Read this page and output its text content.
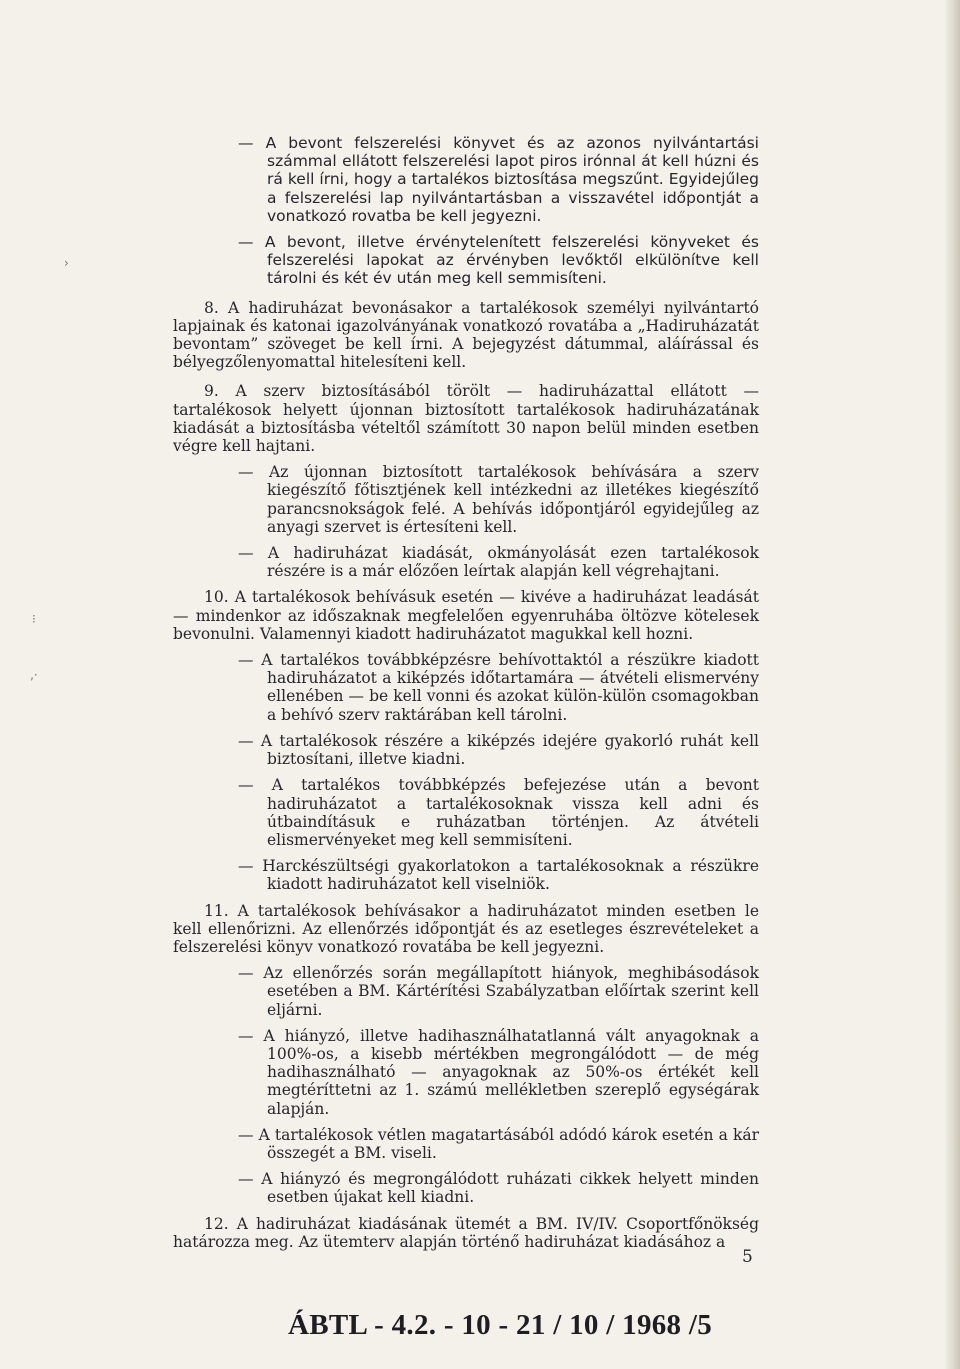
— A bevont felszerelési könyvet és az azonos nyilvántartási számmal ellátott felszerelési lapot piros irónnal át kell húzni és rá kell írni, hogy a tartalékos biztosítása megszűnt. Egyidejűleg a felszerelési lap nyilvántartásban a visszavétel időpontját a vonatkozó rovatba be kell jegyezni.

— A bevont, illetve érvénytelenített felszerelési könyveket és felszerelési lapokat az érvényben levőktől elkülönítve kell tárolni és két év után meg kell semmisíteni.

8. A hadiruházat bevonásakor a tartalékosok személyi nyilvántartó lapjainak és katonai igazolványának vonatkozó rovatába a „Hadiruházatát bevontam” szöveget be kell írni. A bejegyzést dátummal, aláírással és bélyegzőlenyomattal hitelesíteni kell.

9. A szerv biztosításából törölt — hadiruházattal ellátott — tartalékosok helyett újonnan biztosított tartalékosok hadiruházatának kiadását a biztosításba vételtől számított 30 napon belül minden esetben végre kell hajtani.

— Az újonnan biztosított tartalékosok behívására a szerv kiegészítő főtisztjének kell intézkedni az illetékes kiegészítő parancsnokságok felé. A behívás időpontjáról egyidejűleg az anyagi szervet is értesíteni kell.

— A hadiruházat kiadását, okmányolását ezen tartalékosok részére is a már előzően leírtak alapján kell végrehajtani.

10. A tartalékosok behívásuk esetén — kivéve a hadiruházat leadását — mindenkor az időszaknak megfelelően egyenruhába öltözve kötelesek bevonulni. Valamennyi kiadott hadiruházatot magukkal kell hozni.

— A tartalékos továbbképzésre behívottaktól a részükre kiadott hadiruházatot a kiképzés időtartamára — átvételi elismervény ellenében — be kell vonni és azokat külön-külön csomagokban a behívó szerv raktárában kell tárolni.

— A tartalékosok részére a kiképzés idejére gyakorló ruhát kell biztosítani, illetve kiadni.

— A tartalékos továbbképzés befejezése után a bevont hadiruházatot a tartalékosoknak vissza kell adni és útbaindításuk e ruházatban történjen. Az átvételi elismervényeket meg kell semmisíteni.

— Harckészültségi gyakorlatokon a tartalékosoknak a részükre kiadott hadiruházatot kell viselniök.

11. A tartalékosok behívásakor a hadiruházatot minden esetben le kell ellenőrizni. Az ellenőrzés időpontját és az esetleges észrevételeket a felszerelési könyv vonatkozó rovatába be kell jegyezni.

— Az ellenőrzés során megállapított hiányok, meghibásodások esetében a BM. Kártérítési Szabályzatban előírtak szerint kell eljárni.

— A hiányzó, illetve hadihasználhatatlanná vált anyagoknak a 100%-os, a kisebb mértékben megrongálódott — de még hadihasználható — anyagoknak az 50%-os értékét kell megtéríttetni az 1. számú mellékletben szereplő egységárak alapján.

— A tartalékosok vétlen magatartásából adódó károk esetén a kár összegét a BM. viseli.

— A hiányzó és megrongálódott ruházati cikkek helyett minden esetben újakat kell kiadni.

12. A hadiruházat kiadásának ütemét a BM. IV/IV. Csoportfőnökség határozza meg. Az ütemterv alapján történő hadiruházat kiadásához a

›
⁝
‚·
5
ÁBTL - 4.2. - 10 - 21 / 10 / 1968 /5
